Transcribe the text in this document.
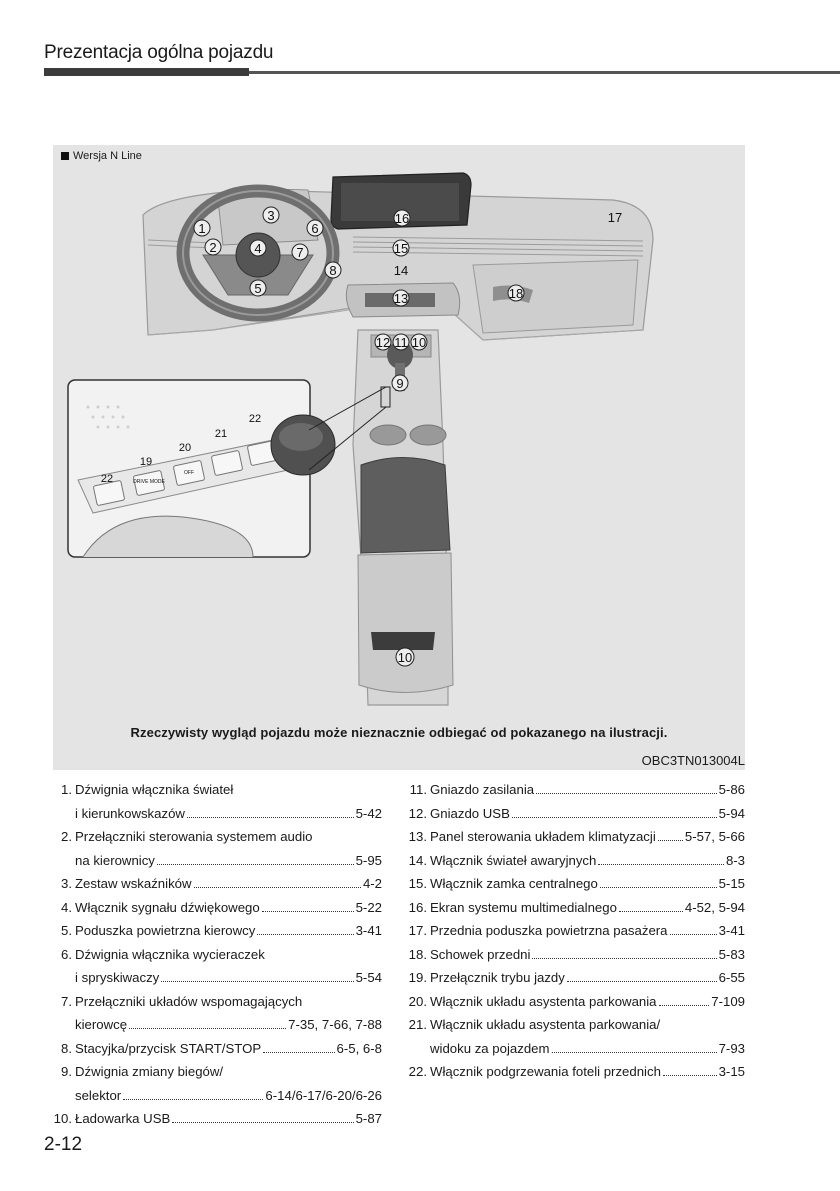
Prezentacja ogólna pojazdu
DRIVE MODE
OFF
1
2
3
4
5
6
7
8
9
10
11
12
13
14
15
16	17
18
10
19
20
21
22
22
Wersja N Line
Rzeczywisty wygląd pojazdu może nieznacznie odbiegać od pokazanego na ilustracji.
OBC3TN013004L
1. Dźwignia włącznika świateł
i kierunkowskazów	5-42
2. Przełączniki sterowania systemem audio
na kierownicy	5-95
3. Zestaw wskaźników	4-2
4. Włącznik sygnału dźwiękowego	5-22
5. Poduszka powietrzna kierowcy	3-41
6. Dźwignia włącznika wycieraczek
i spryskiwaczy	5-54
7. Przełączniki układów wspomagających
kierowcę	7-35, 7-66, 7-88
8. Stacyjka/przycisk START/STOP	6-5, 6-8
9. Dźwignia zmiany biegów/
selektor	6-14/6-17/6-20/6-26
10. Ładowarka USB	5-87
11. Gniazdo zasilania	5-86
12. Gniazdo USB	5-94
13. Panel sterowania układem klimatyzacji 5-57, 5-66
14. Włącznik świateł awaryjnych	8-3
15. Włącznik zamka centralnego	5-15
16. Ekran systemu multimedialnego	4-52, 5-94
17. Przednia poduszka powietrzna pasażera	3-41
18. Schowek przedni	5-83
19. Przełącznik trybu jazdy	6-55
20. Włącznik układu asystenta parkowania	7-109
21. Włącznik układu asystenta parkowania/
widoku za pojazdem	7-93
22. Włącznik podgrzewania foteli przednich	3-15
2-12
